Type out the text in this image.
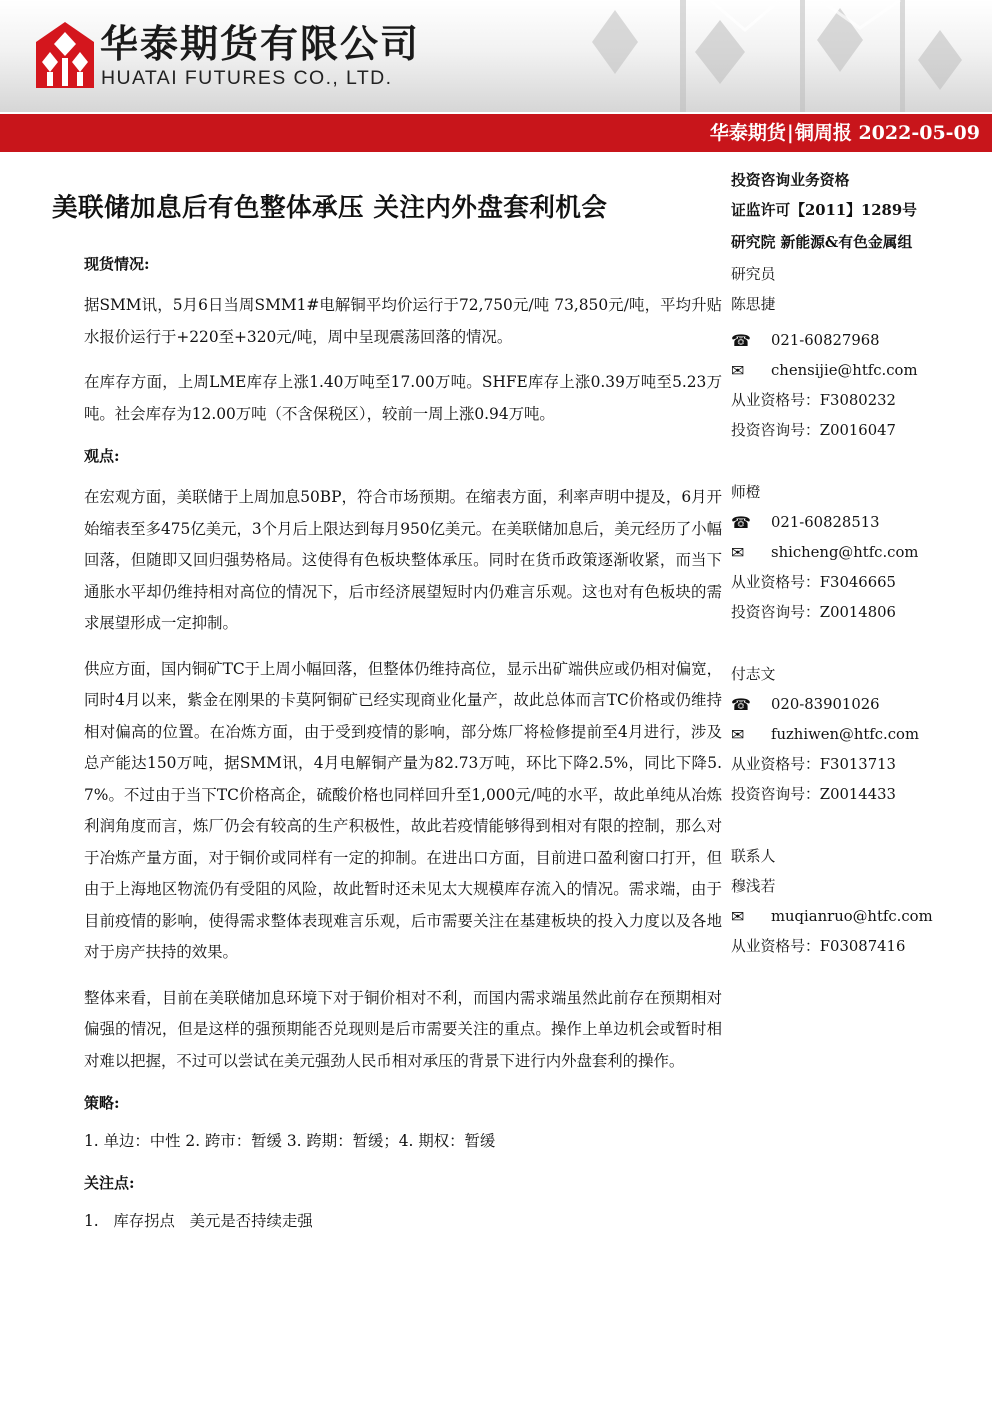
华泰期货有限公司
HUATAI FUTURES CO., LTD.
华泰期货|铜周报 2022-05-09
美联储加息后有色整体承压 关注内外盘套利机会
现货情况:

据SMM讯，5月6日当周SMM1#电解铜平均价运行于72,750元/吨 73,850元/吨，平均升贴水报价运行于+220至+320元/吨，周中呈现震荡回落的情况。

在库存方面，上周LME库存上涨1.40万吨至17.00万吨。SHFE库存上涨0.39万吨至5.23万吨。社会库存为12.00万吨（不含保税区），较前一周上涨0.94万吨。

观点:

在宏观方面，美联储于上周加息50BP，符合市场预期。在缩表方面，利率声明中提及，6月开始缩表至多475亿美元，3个月后上限达到每月950亿美元。在美联储加息后，美元经历了小幅回落，但随即又回归强势格局。这使得有色板块整体承压。同时在货币政策逐渐收紧，而当下通胀水平却仍维持相对高位的情况下，后市经济展望短时内仍难言乐观。这也对有色板块的需求展望形成一定抑制。

供应方面，国内铜矿TC于上周小幅回落，但整体仍维持高位，显示出矿端供应或仍相对偏宽，同时4月以来，紫金在刚果的卡莫阿铜矿已经实现商业化量产，故此总体而言TC价格或仍维持相对偏高的位置。在冶炼方面，由于受到疫情的影响，部分炼厂将检修提前至4月进行，涉及总产能达150万吨，据SMM讯，4月电解铜产量为82.73万吨，环比下降2.5%，同比下降5.7%。不过由于当下TC价格高企，硫酸价格也同样回升至1,000元/吨的水平，故此单纯从冶炼利润角度而言，炼厂仍会有较高的生产积极性，故此若疫情能够得到相对有限的控制，那么对于冶炼产量方面，对于铜价或同样有一定的抑制。在进出口方面，目前进口盈利窗口打开，但由于上海地区物流仍有受阻的风险，故此暂时还未见太大规模库存流入的情况。需求端，由于目前疫情的影响，使得需求整体表现难言乐观，后市需要关注在基建板块的投入力度以及各地对于房产扶持的效果。

整体来看，目前在美联储加息环境下对于铜价相对不利，而国内需求端虽然此前存在预期相对偏强的情况，但是这样的强预期能否兑现则是后市需要关注的重点。操作上单边机会或暂时相对难以把握，不过可以尝试在美元强劲人民币相对承压的背景下进行内外盘套利的操作。

策略:
1. 单边：中性 2. 跨市：暂缓 3. 跨期：暂缓；4. 期权：暂缓
关注点:
1.   库存拐点   美元是否持续走强
投资咨询业务资格
证监许可【2011】1289号
研究院 新能源&有色金属组
研究员
陈思捷
☎ 021-60827968
✉ chensijie@htfc.com
从业资格号：F3080232
投资咨询号：Z0016047
师橙
☎ 021-60828513
✉ shicheng@htfc.com
从业资格号：F3046665
投资咨询号：Z0014806
付志文
☎ 020-83901026
✉ fuzhiwen@htfc.com
从业资格号：F3013713
投资咨询号：Z0014433
联系人
穆浅若
✉ muqianruo@htfc.com
从业资格号：F03087416
